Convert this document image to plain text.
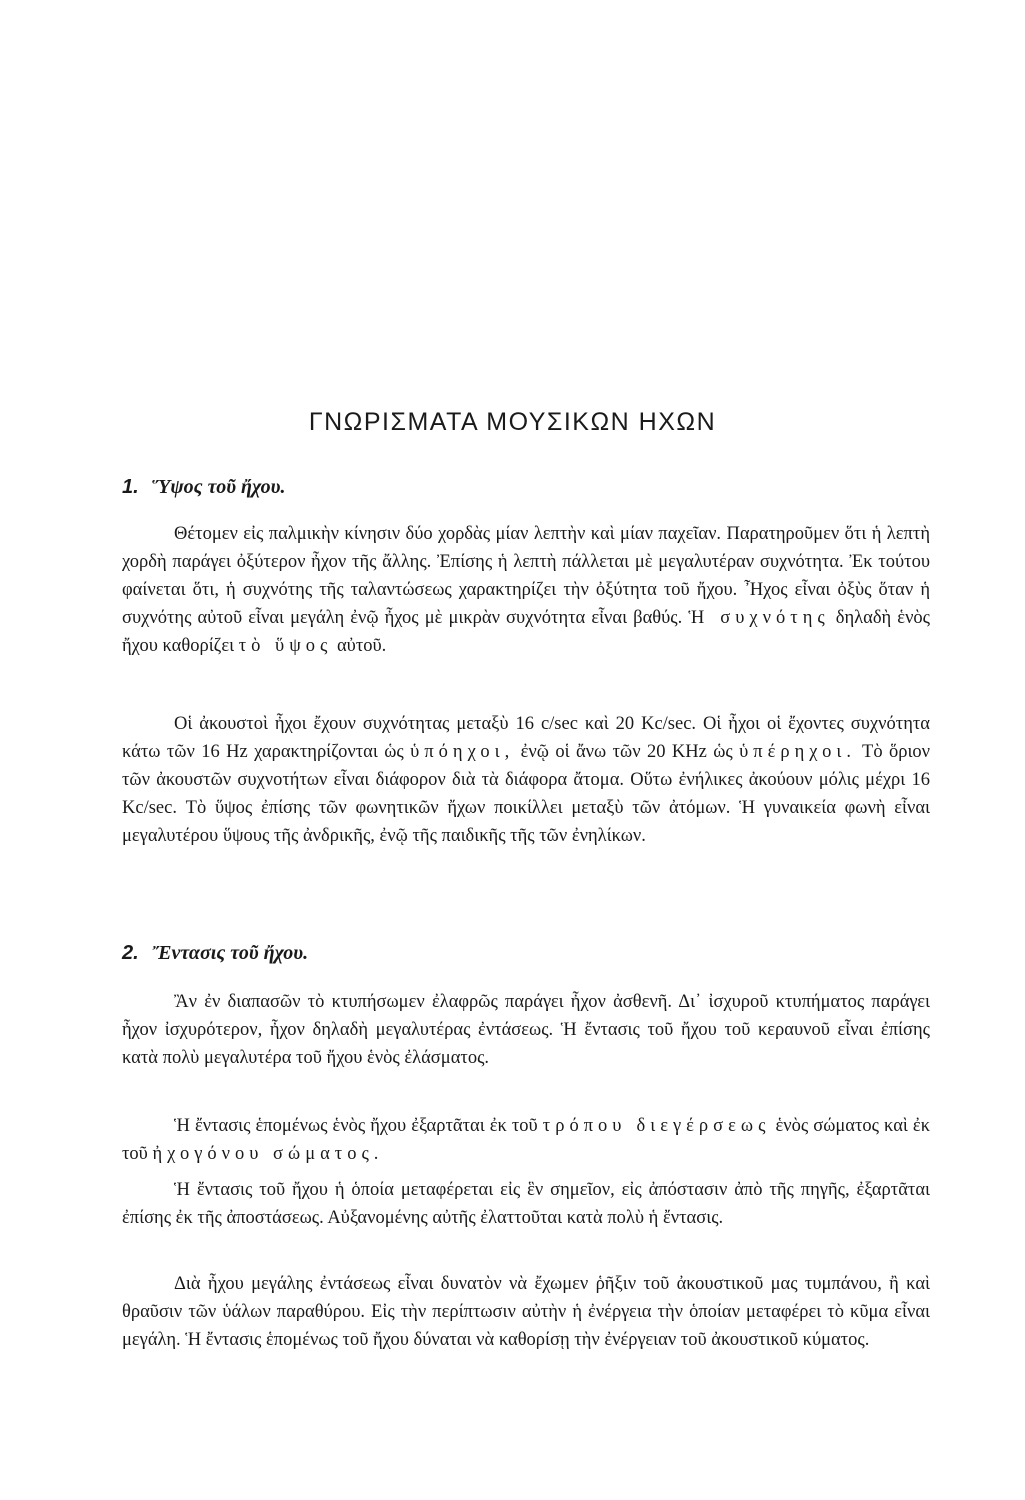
ΓΝΩΡΙΣΜΑΤΑ ΜΟΥΣΙΚΩΝ ΗΧΩΝ
1. Ὕψος τοῦ ἤχου.

Θέτομεν εἰς παλμικὴν κίνησιν δύο χορδὰς μίαν λεπτὴν καὶ μίαν παχεῖαν. Παρατηροῦμεν ὅτι ἡ λεπτὴ χορδὴ παράγει ὀξύτερον ἦχον τῆς ἄλλης. Ἐπίσης ἡ λεπτὴ πάλλεται μὲ μεγαλυτέραν συχνότητα. Ἐκ τούτου φαίνεται ὅτι, ἡ συχνότης τῆς ταλαντώσεως χαρακτηρίζει τὴν ὀξύτητα τοῦ ἤχου. Ἦχος εἶναι ὀξὺς ὅταν ἡ συχνότης αὐτοῦ εἶναι μεγάλη ἐνῷ ἦχος μὲ μικρὰν συχνότητα εἶναι βαθύς. Ἡ συχνότης δηλαδὴ ἑνὸς ἤχου καθορίζει τὸ ὕψος αὐτοῦ.

Οἱ ἀκουστοὶ ἦχοι ἔχουν συχνότητας μεταξὺ 16 c/sec καὶ 20 Kc/sec. Οἱ ἦχοι οἱ ἔχοντες συχνότητα κάτω τῶν 16 Hz χαρακτηρίζονται ὡς ὑπόηχοι, ἐνῷ οἱ ἄνω τῶν 20 KHz ὡς ὑπέρηχοι. Τὸ ὅριον τῶν ἀκουστῶν συχνοτήτων εἶναι διάφορον διὰ τὰ διάφορα ἄτομα. Οὕτω ἐνήλικες ἀκούουν μόλις μέχρι 16 Kc/sec. Τὸ ὕψος ἐπίσης τῶν φωνητικῶν ἤχων ποικίλλει μεταξὺ τῶν ἀτόμων. Ἡ γυναικεία φωνὴ εἶναι μεγαλυτέρου ὕψους τῆς ἀνδρικῆς, ἐνῷ τῆς παιδικῆς τῆς τῶν ἐνηλίκων.

2. Ἔντασις τοῦ ἤχου.

Ἂν ἐν διαπασῶν τὸ κτυπήσωμεν ἐλαφρῶς παράγει ἦχον ἀσθενῆ. Δι᾽ ἰσχυροῦ κτυπήματος παράγει ἦχον ἰσχυρότερον, ἦχον δηλαδὴ μεγαλυτέρας ἐντάσεως. Ἡ ἔντασις τοῦ ἤχου τοῦ κεραυνοῦ εἶναι ἐπίσης κατὰ πολὺ μεγαλυτέρα τοῦ ἤχου ἑνὸς ἐλάσματος.

Ἡ ἔντασις ἑπομένως ἑνὸς ἤχου ἐξαρτᾶται ἐκ τοῦ τρόπου διεγέρσεως ἑνὸς σώματος καὶ ἐκ τοῦ ἠχογόνου σώματος.

Ἡ ἔντασις τοῦ ἤχου ἡ ὁποία μεταφέρεται εἰς ἓν σημεῖον, εἰς ἀπόστασιν ἀπὸ τῆς πηγῆς, ἐξαρτᾶται ἐπίσης ἐκ τῆς ἀποστάσεως. Αὐξανομένης αὐτῆς ἐλαττοῦται κατὰ πολὺ ἡ ἔντασις.

Διὰ ἦχου μεγάλης ἐντάσεως εἶναι δυνατὸν νὰ ἔχωμεν ῥῆξιν τοῦ ἀκουστικοῦ μας τυμπάνου, ἢ καὶ θραῦσιν τῶν ὑάλων παραθύρου. Εἰς τὴν περίπτωσιν αὐτὴν ἡ ἐνέργεια τὴν ὁποίαν μεταφέρει τὸ κῦμα εἶναι μεγάλη. Ἡ ἔντασις ἑπομένως τοῦ ἤχου δύναται νὰ καθορίσῃ τὴν ἐνέργειαν τοῦ ἀκουστικοῦ κύματος.
